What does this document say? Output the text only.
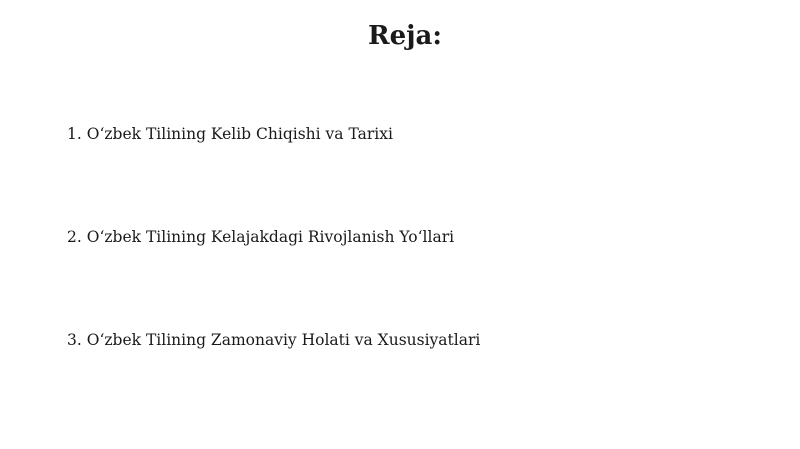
Reja:
1. O‘zbek Tilining Kelib Chiqishi va Tarixi
2. O‘zbek Tilining Kelajakdagi Rivojlanish Yo‘llari
3. O‘zbek Tilining Zamonaviy Holati va Xususiyatlari
